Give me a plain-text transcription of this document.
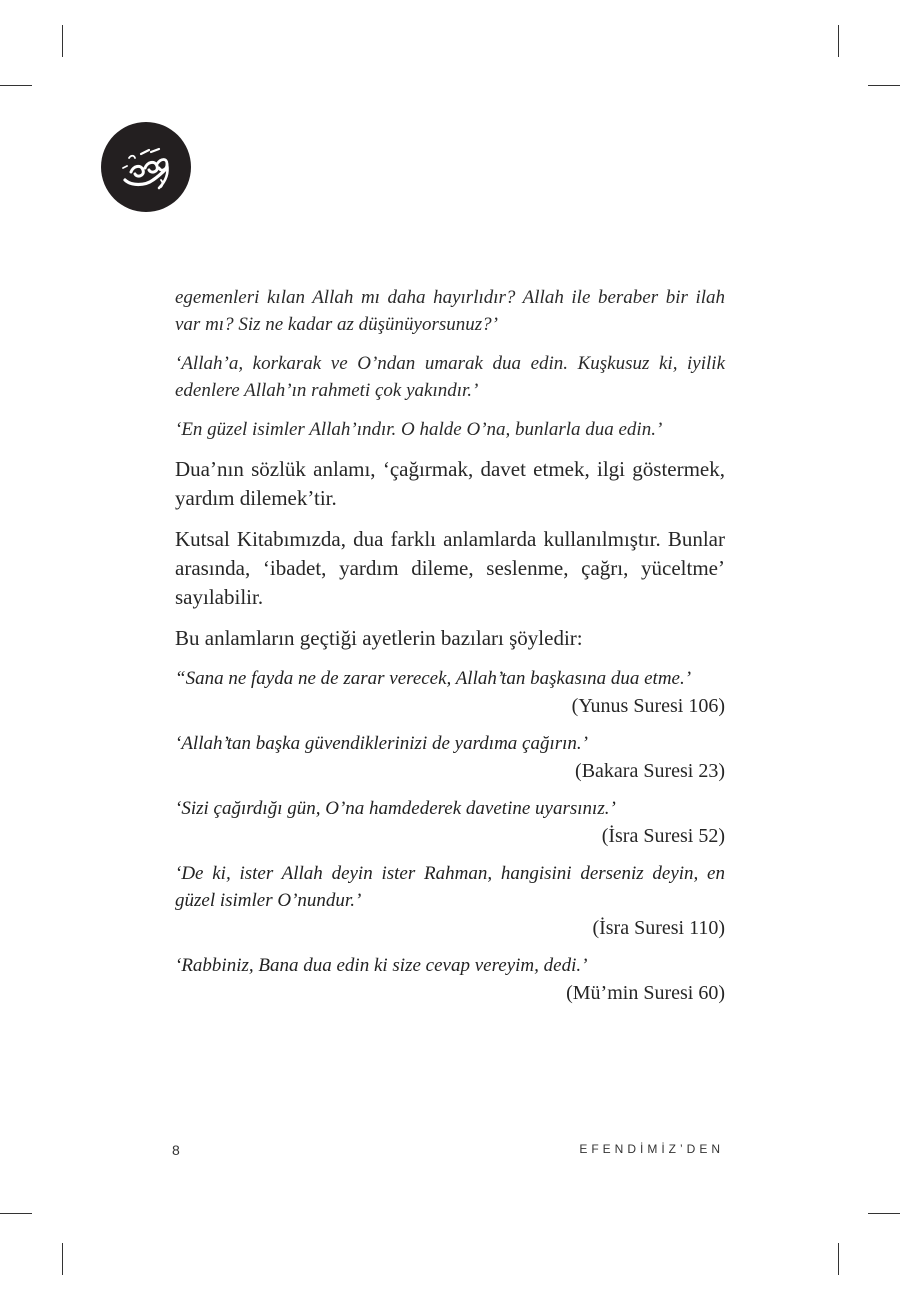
egemenleri kılan Allah mı daha hayırlıdır? Allah ile beraber bir ilah var mı? Siz ne kadar az düşünüyorsunuz?’

‘Allah’a, korkarak ve O’ndan umarak dua edin. Kuşkusuz ki, iyilik edenlere Allah’ın rahmeti çok yakındır.’

‘En güzel isimler Allah’ındır. O halde O’na, bunlarla dua edin.’

Dua’nın sözlük anlamı, ‘çağırmak, davet etmek, ilgi göstermek, yardım dilemek’tir.

Kutsal Kitabımızda, dua farklı anlamlarda kullanılmıştır. Bunlar arasında, ‘ibadet, yardım dileme, seslenme, çağrı, yüceltme’ sayılabilir.

Bu anlamların geçtiği ayetlerin bazıları şöyledir:

“Sana ne fayda ne de zarar verecek, Allah’tan başkasına dua etme.’
(Yunus Suresi 106)
‘Allah’tan başka güvendiklerinizi de yardıma çağırın.’
(Bakara Suresi 23)
‘Sizi çağırdığı gün, O’na hamdederek davetine uyarsınız.’
(İsra Suresi 52)
‘De ki, ister Allah deyin ister Rahman, hangisini derseniz deyin, en güzel isimler O’nundur.’
(İsra Suresi 110)
‘Rabbiniz, Bana dua edin ki size cevap vereyim, dedi.’
(Mü’min Suresi 60)
8	EFENDİMİZ’DEN
